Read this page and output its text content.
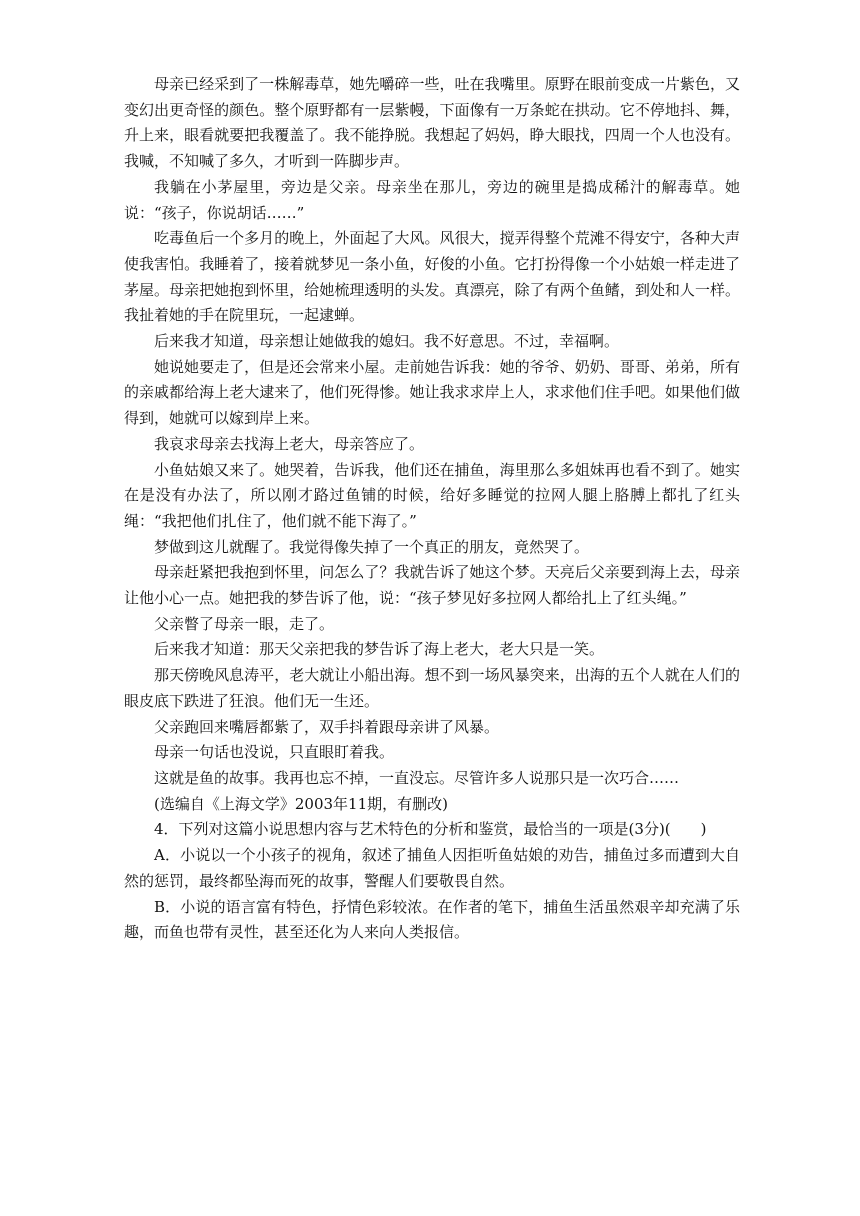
母亲已经采到了一株解毒草，她先嚼碎一些，吐在我嘴里。原野在眼前变成一片紫色，又变幻出更奇怪的颜色。整个原野都有一层紫幔，下面像有一万条蛇在拱动。它不停地抖、舞，升上来，眼看就要把我覆盖了。我不能挣脱。我想起了妈妈，睁大眼找，四周一个人也没有。我喊，不知喊了多久，才听到一阵脚步声。

我躺在小茅屋里，旁边是父亲。母亲坐在那儿，旁边的碗里是捣成稀汁的解毒草。她说：“孩子，你说胡话……”

吃毒鱼后一个多月的晚上，外面起了大风。风很大，搅弄得整个荒滩不得安宁，各种大声使我害怕。我睡着了，接着就梦见一条小鱼，好俊的小鱼。它打扮得像一个小姑娘一样走进了茅屋。母亲把她抱到怀里，给她梳理透明的头发。真漂亮，除了有两个鱼鳍，到处和人一样。我扯着她的手在院里玩，一起逮蝉。

后来我才知道，母亲想让她做我的媳妇。我不好意思。不过，幸福啊。

她说她要走了，但是还会常来小屋。走前她告诉我：她的爷爷、奶奶、哥哥、弟弟，所有的亲戚都给海上老大逮来了，他们死得惨。她让我求求岸上人，求求他们住手吧。如果他们做得到，她就可以嫁到岸上来。

我哀求母亲去找海上老大，母亲答应了。

小鱼姑娘又来了。她哭着，告诉我，他们还在捕鱼，海里那么多姐妹再也看不到了。她实在是没有办法了，所以刚才路过鱼铺的时候，给好多睡觉的拉网人腿上胳膊上都扎了红头绳：“我把他们扎住了，他们就不能下海了。”

梦做到这儿就醒了。我觉得像失掉了一个真正的朋友，竟然哭了。

母亲赶紧把我抱到怀里，问怎么了？我就告诉了她这个梦。天亮后父亲要到海上去，母亲让他小心一点。她把我的梦告诉了他，说：“孩子梦见好多拉网人都给扎上了红头绳。”

父亲瞥了母亲一眼，走了。

后来我才知道：那天父亲把我的梦告诉了海上老大，老大只是一笑。

那天傍晚风息涛平，老大就让小船出海。想不到一场风暴突来，出海的五个人就在人们的眼皮底下跌进了狂浪。他们无一生还。

父亲跑回来嘴唇都紫了，双手抖着跟母亲讲了风暴。

母亲一句话也没说，只直眼盯着我。

这就是鱼的故事。我再也忘不掉，一直没忘。尽管许多人说那只是一次巧合……

(选编自《上海文学》2003年11期，有删改)

4．下列对这篇小说思想内容与艺术特色的分析和鉴赏，最恰当的一项是(3分)(　　)

A．小说以一个小孩子的视角，叙述了捕鱼人因拒听鱼姑娘的劝告，捕鱼过多而遭到大自然的惩罚，最终都坠海而死的故事，警醒人们要敬畏自然。

B．小说的语言富有特色，抒情色彩较浓。在作者的笔下，捕鱼生活虽然艰辛却充满了乐趣，而鱼也带有灵性，甚至还化为人来向人类报信。
